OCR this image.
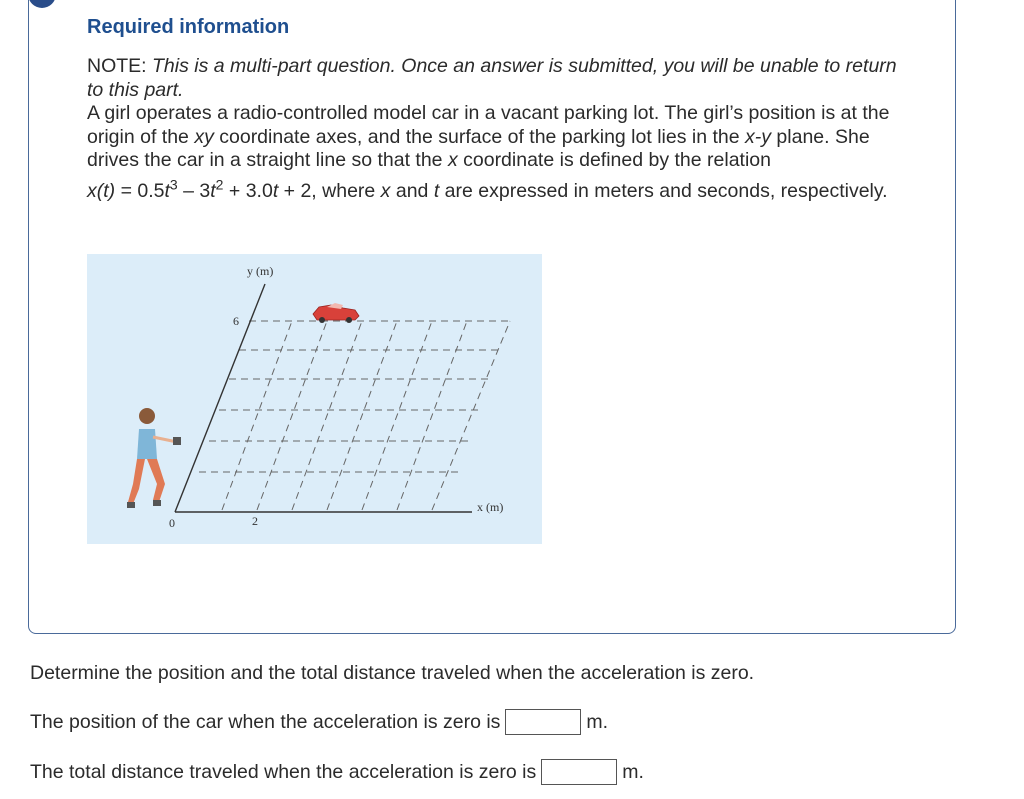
Required information

NOTE: This is a multi-part question. Once an answer is submitted, you will be unable to return to this part.

A girl operates a radio-controlled model car in a vacant parking lot. The girl’s position is at the origin of the xy coordinate axes, and the surface of the parking lot lies in the x-y plane. She drives the car in a straight line so that the x coordinate is defined by the relation $x(t) = 0.5t^3 - 3t^2 + 3.0t + 2$, where x and t are expressed in meters and seconds, respectively.

y (m)
x (m)
6
0	2

Determine the position and the total distance traveled when the acceleration is zero.

The position of the car when the acceleration is zero is	m.
The total distance traveled when the acceleration is zero is	m.
